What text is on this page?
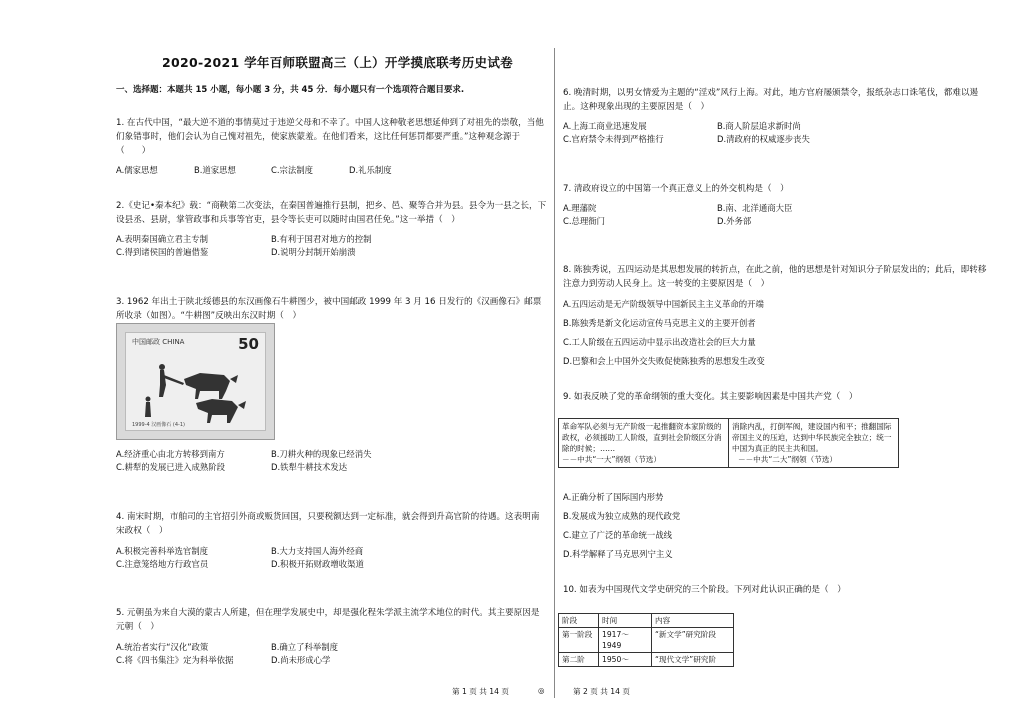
2020-2021 学年百师联盟高三（上）开学摸底联考历史试卷
一、选择题：本题共 15 小题，每小题 3 分，共 45 分．每小题只有一个选项符合题目要求.
1. 在古代中国，“最大逆不道的事情莫过于违逆父母和不幸了。中国人这种敬老思想延伸到了对祖先的崇敬，当他们象错事时，他们会认为自己愧对祖先，使家族蒙羞。在他们看来，这比任何惩罚都要严重。”这种观念源于（　　）
A.儒家思想	B.道家思想	C.宗法制度	D.礼乐制度
2.《史记•秦本纪》载：“商鞅第二次变法，在秦国普遍推行县制，把乡、邑、聚等合并为县。县令为一县之长，下设县丞、县尉，掌管政事和兵事等官吏，县令等长吏可以随时由国君任免。”这一举措（　）
A.表明秦国确立君主专制	B.有利于国君对地方的控制
C.得到诸侯国的普遍借鉴	D.说明分封制开始崩溃
3. 1962 年出土于陕北绥德县的东汉画像石牛耕图少，被中国邮政 1999 年 3 月 16 日发行的《汉画像石》邮票所收录（如图）。“牛耕图”反映出东汉时期（　）
中国邮政 CHINA	50
1999-4 汉画像石 (4-1)
A.经济重心由北方转移到南方	B.刀耕火种的现象已经消失
C.耕犁的发展已进入成熟阶段	D.铁犁牛耕技术发达
4. 南宋时期，市舶司的主官招引外商或贩货回国，只要税额达到一定标准，就会得到升高官阶的待遇。这表明南宋政权（　）
A.积极完善科举选官制度	B.大力支持国人海外经商
C.注意笼络地方行政官员	D.积极开拓财政增收渠道
5. 元朝虽为来自大漠的蒙古人所建，但在理学发展史中，却是强化程朱学派主流学术地位的时代。其主要原因是元朝（　）
A.统治者实行“汉化”政策	B.确立了科举制度
C.将《四书集注》定为科举依据	D.尚未形成心学
6. 晚清时期，以男女情爱为主题的“淫戏”风行上海。对此，地方官府屡颁禁令，报纸杂志口诛笔伐，都难以遏止。这种现象出现的主要原因是（　）
A.上海工商业迅速发展	B.商人阶层追求新时尚
C.官府禁令未得到严格推行	D.清政府的权威逐步丧失
7. 清政府设立的中国第一个真正意义上的外交机构是（　）
A.理藩院	B.南、北洋通商大臣
C.总理衙门	D.外务部
8. 陈独秀说，五四运动是其思想发展的转折点，在此之前，他的思想是针对知识分子阶层发出的；此后，即转移注意力到劳动人民身上。这一转变的主要原因是（　）
A.五四运动是无产阶级领导中国新民主主义革命的开端
B.陈独秀是新文化运动宣传马克思主义的主要开创者
C.工人阶级在五四运动中显示出改造社会的巨大力量
D.巴黎和会上中国外交失败促使陈独秀的思想发生改变
9. 如表反映了党的革命纲领的重大变化。其主要影响因素是中国共产党（　）
革命军队必须与无产阶级一起推翻资本家阶级的政权，必须援助工人阶级，直到社会阶级区分消除的时候；……
－－中共“一大”纲领（节选）

消除内乱，打倒军阀，建设国内和平；推翻国际帝国主义的压迫，达到中华民族完全独立；统一中国为真正的民主共和国。
－－中共“二大”纲领（节选）
A.正确分析了国际国内形势
B.发展成为独立成熟的现代政党
C.建立了广泛的革命统一战线
D.科学解释了马克思列宁主义
10. 如表为中国现代文学史研究的三个阶段。下列对此认识正确的是（　）
阶段	时间	内容
第一阶段	1917～1949	“新文学”研究阶段
第二阶	1950～	“现代文学”研究阶
第 1 页 共 14 页	◎	第 2 页 共 14 页
